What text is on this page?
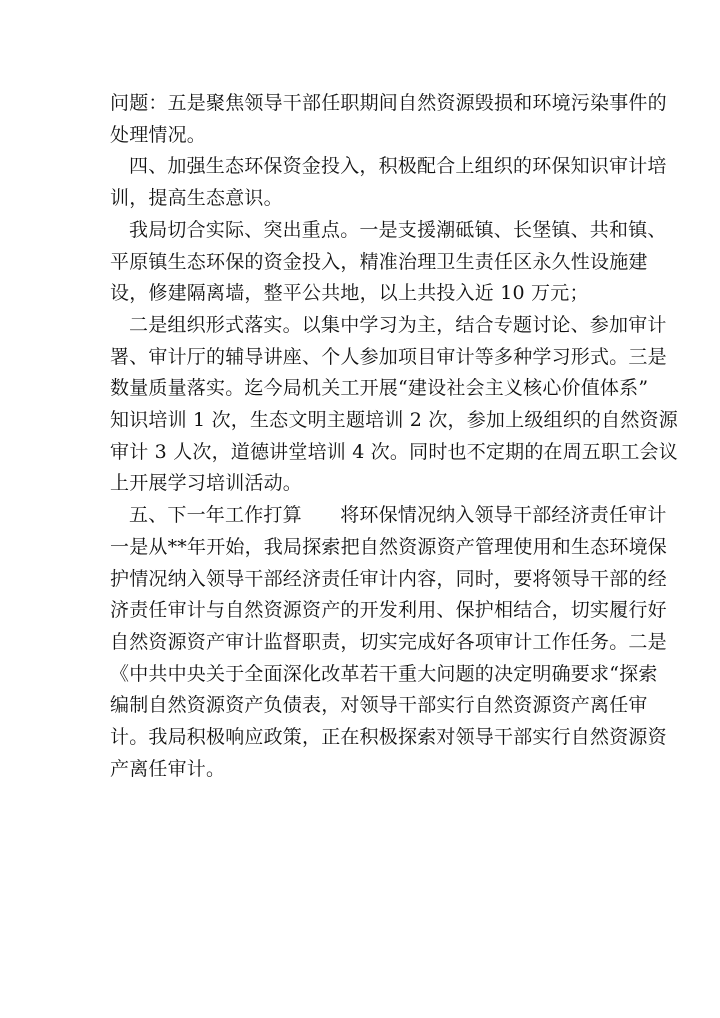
问题：五是聚焦领导干部任职期间自然资源毁损和环境污染事件的
处理情况。
四、加强生态环保资金投入，积极配合上组织的环保知识审计培
训，提高生态意识。
我局切合实际、突出重点。一是支援潮砥镇、长堡镇、共和镇、
平原镇生态环保的资金投入，精准治理卫生责任区永久性设施建
设，修建隔离墙，整平公共地，以上共投入近 10 万元；
二是组织形式落实。以集中学习为主，结合专题讨论、参加审计
署、审计厅的辅导讲座、个人参加项目审计等多种学习形式。三是
数量质量落实。迄今局机关工开展“建设社会主义核心价值体系”
知识培训 1 次，生态文明主题培训 2 次，参加上级组织的自然资源
审计 3 人次，道德讲堂培训 4 次。同时也不定期的在周五职工会议
上开展学习培训活动。
五、下一年工作打算　　将环保情况纳入领导干部经济责任审计
一是从**年开始，我局探索把自然资源资产管理使用和生态环境保
护情况纳入领导干部经济责任审计内容，同时，要将领导干部的经
济责任审计与自然资源资产的开发利用、保护相结合，切实履行好
自然资源资产审计监督职责，切实完成好各项审计工作任务。二是
《中共中央关于全面深化改革若干重大问题的决定明确要求“探索
编制自然资源资产负债表，对领导干部实行自然资源资产离任审
计。我局积极响应政策，正在积极探索对领导干部实行自然资源资
产离任审计。
